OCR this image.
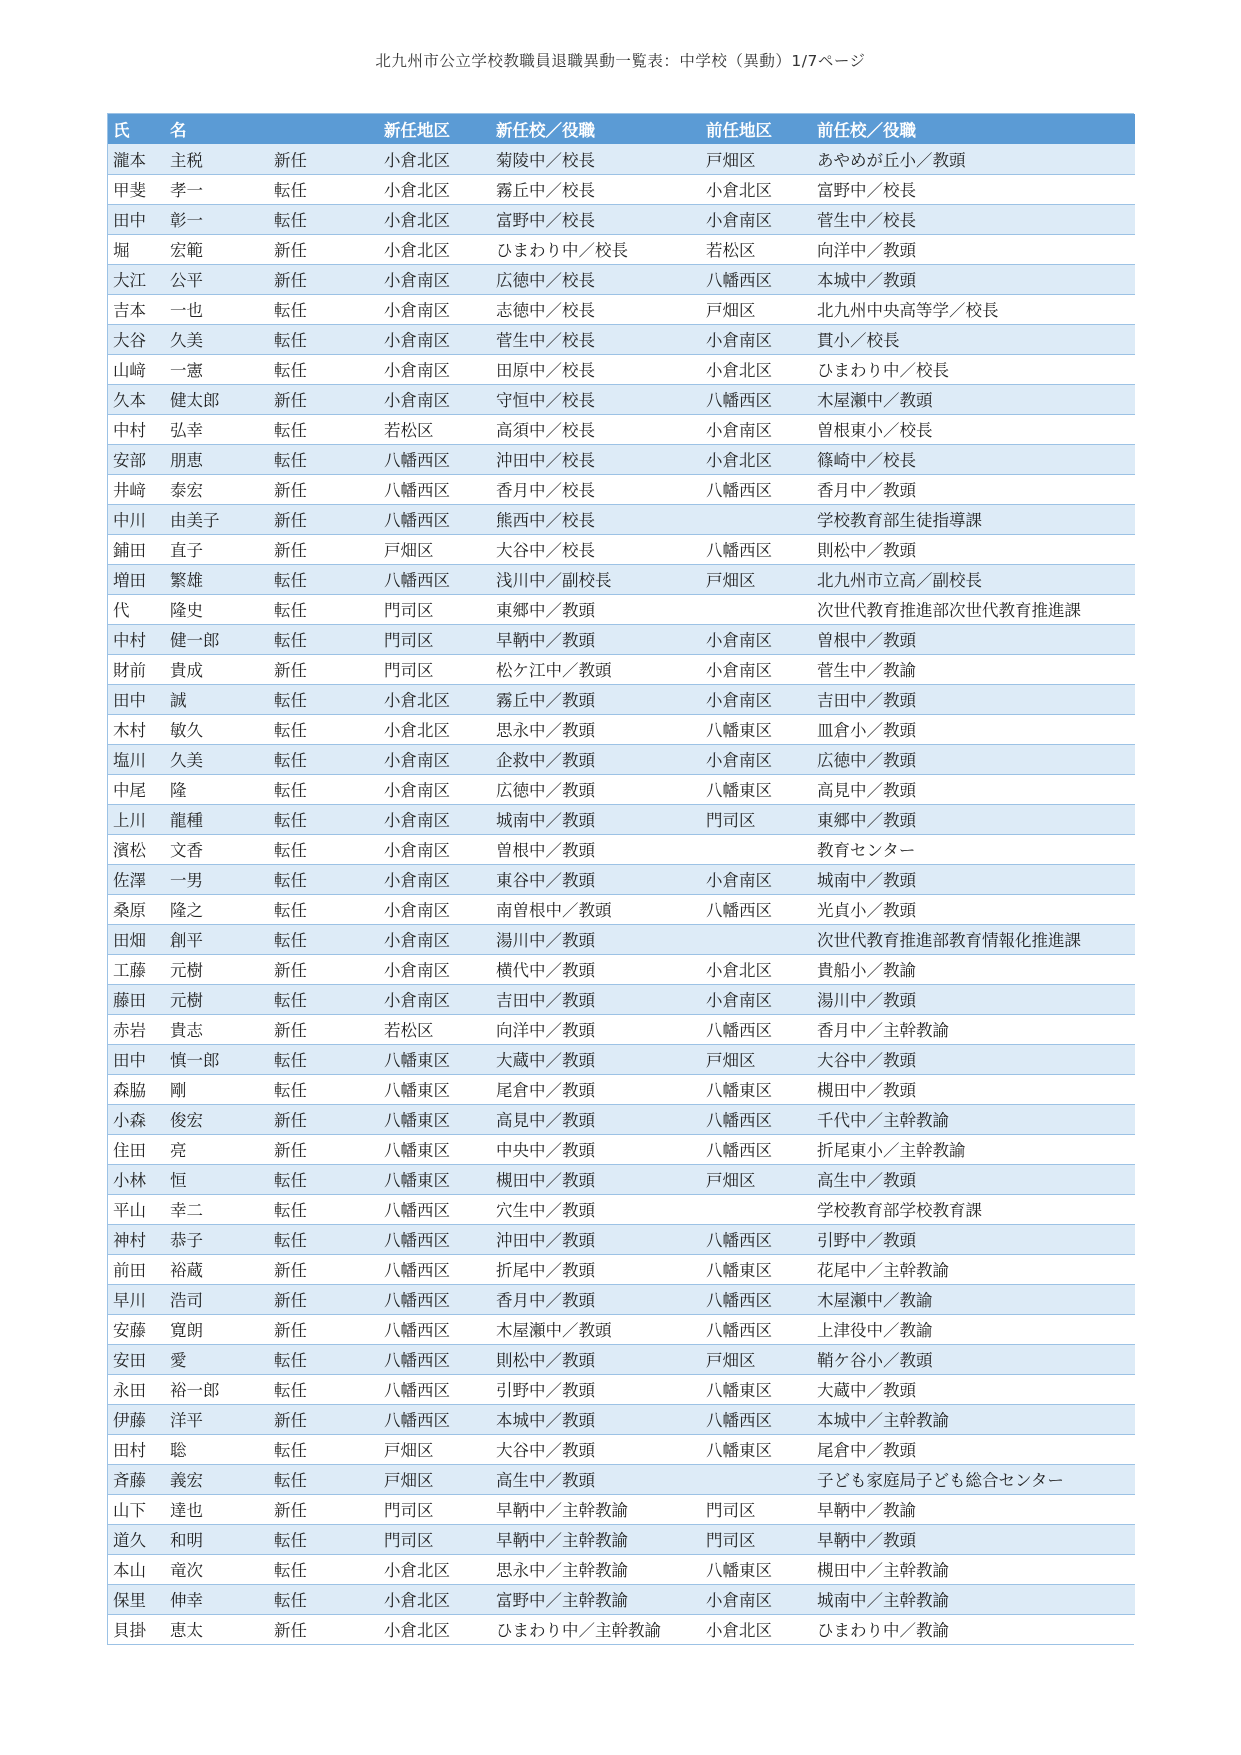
北九州市公立学校教職員退職異動一覧表：中学校（異動）1/7ページ
氏	名		新任地区	新任校／役職	前任地区	前任校／役職
瀧本	主税	新任	小倉北区	菊陵中／校長	戸畑区	あやめが丘小／教頭
甲斐	孝一	転任	小倉北区	霧丘中／校長	小倉北区	富野中／校長
田中	彰一	転任	小倉北区	富野中／校長	小倉南区	菅生中／校長
堀	宏範	新任	小倉北区	ひまわり中／校長	若松区	向洋中／教頭
大江	公平	新任	小倉南区	広徳中／校長	八幡西区	本城中／教頭
吉本	一也	転任	小倉南区	志徳中／校長	戸畑区	北九州中央高等学／校長
大谷	久美	転任	小倉南区	菅生中／校長	小倉南区	貫小／校長
山﨑	一憲	転任	小倉南区	田原中／校長	小倉北区	ひまわり中／校長
久本	健太郎	新任	小倉南区	守恒中／校長	八幡西区	木屋瀬中／教頭
中村	弘幸	転任	若松区	高須中／校長	小倉南区	曽根東小／校長
安部	朋恵	転任	八幡西区	沖田中／校長	小倉北区	篠崎中／校長
井﨑	泰宏	新任	八幡西区	香月中／校長	八幡西区	香月中／教頭
中川	由美子	新任	八幡西区	熊西中／校長		学校教育部生徒指導課
鋪田	直子	新任	戸畑区	大谷中／校長	八幡西区	則松中／教頭
増田	繁雄	転任	八幡西区	浅川中／副校長	戸畑区	北九州市立高／副校長
代	隆史	転任	門司区	東郷中／教頭		次世代教育推進部次世代教育推進課
中村	健一郎	転任	門司区	早鞆中／教頭	小倉南区	曽根中／教頭
財前	貴成	新任	門司区	松ケ江中／教頭	小倉南区	菅生中／教諭
田中	誠	転任	小倉北区	霧丘中／教頭	小倉南区	吉田中／教頭
木村	敏久	転任	小倉北区	思永中／教頭	八幡東区	皿倉小／教頭
塩川	久美	転任	小倉南区	企救中／教頭	小倉南区	広徳中／教頭
中尾	隆	転任	小倉南区	広徳中／教頭	八幡東区	高見中／教頭
上川	龍種	転任	小倉南区	城南中／教頭	門司区	東郷中／教頭
濱松	文香	転任	小倉南区	曽根中／教頭		教育センター
佐澤	一男	転任	小倉南区	東谷中／教頭	小倉南区	城南中／教頭
桑原	隆之	転任	小倉南区	南曽根中／教頭	八幡西区	光貞小／教頭
田畑	創平	転任	小倉南区	湯川中／教頭		次世代教育推進部教育情報化推進課
工藤	元樹	新任	小倉南区	横代中／教頭	小倉北区	貴船小／教諭
藤田	元樹	転任	小倉南区	吉田中／教頭	小倉南区	湯川中／教頭
赤岩	貴志	新任	若松区	向洋中／教頭	八幡西区	香月中／主幹教諭
田中	慎一郎	転任	八幡東区	大蔵中／教頭	戸畑区	大谷中／教頭
森脇	剛	転任	八幡東区	尾倉中／教頭	八幡東区	槻田中／教頭
小森	俊宏	新任	八幡東区	高見中／教頭	八幡西区	千代中／主幹教諭
住田	亮	新任	八幡東区	中央中／教頭	八幡西区	折尾東小／主幹教諭
小林	恒	転任	八幡東区	槻田中／教頭	戸畑区	高生中／教頭
平山	幸二	転任	八幡西区	穴生中／教頭		学校教育部学校教育課
神村	恭子	転任	八幡西区	沖田中／教頭	八幡西区	引野中／教頭
前田	裕蔵	新任	八幡西区	折尾中／教頭	八幡東区	花尾中／主幹教諭
早川	浩司	新任	八幡西区	香月中／教頭	八幡西区	木屋瀬中／教諭
安藤	寛朗	新任	八幡西区	木屋瀬中／教頭	八幡西区	上津役中／教諭
安田	愛	転任	八幡西区	則松中／教頭	戸畑区	鞘ケ谷小／教頭
永田	裕一郎	転任	八幡西区	引野中／教頭	八幡東区	大蔵中／教頭
伊藤	洋平	新任	八幡西区	本城中／教頭	八幡西区	本城中／主幹教諭
田村	聡	転任	戸畑区	大谷中／教頭	八幡東区	尾倉中／教頭
斉藤	義宏	転任	戸畑区	高生中／教頭		子ども家庭局子ども総合センター
山下	達也	新任	門司区	早鞆中／主幹教諭	門司区	早鞆中／教諭
道久	和明	転任	門司区	早鞆中／主幹教諭	門司区	早鞆中／教頭
本山	竜次	転任	小倉北区	思永中／主幹教諭	八幡東区	槻田中／主幹教諭
保里	伸幸	転任	小倉北区	富野中／主幹教諭	小倉南区	城南中／主幹教諭
貝掛	恵太	新任	小倉北区	ひまわり中／主幹教諭	小倉北区	ひまわり中／教諭
